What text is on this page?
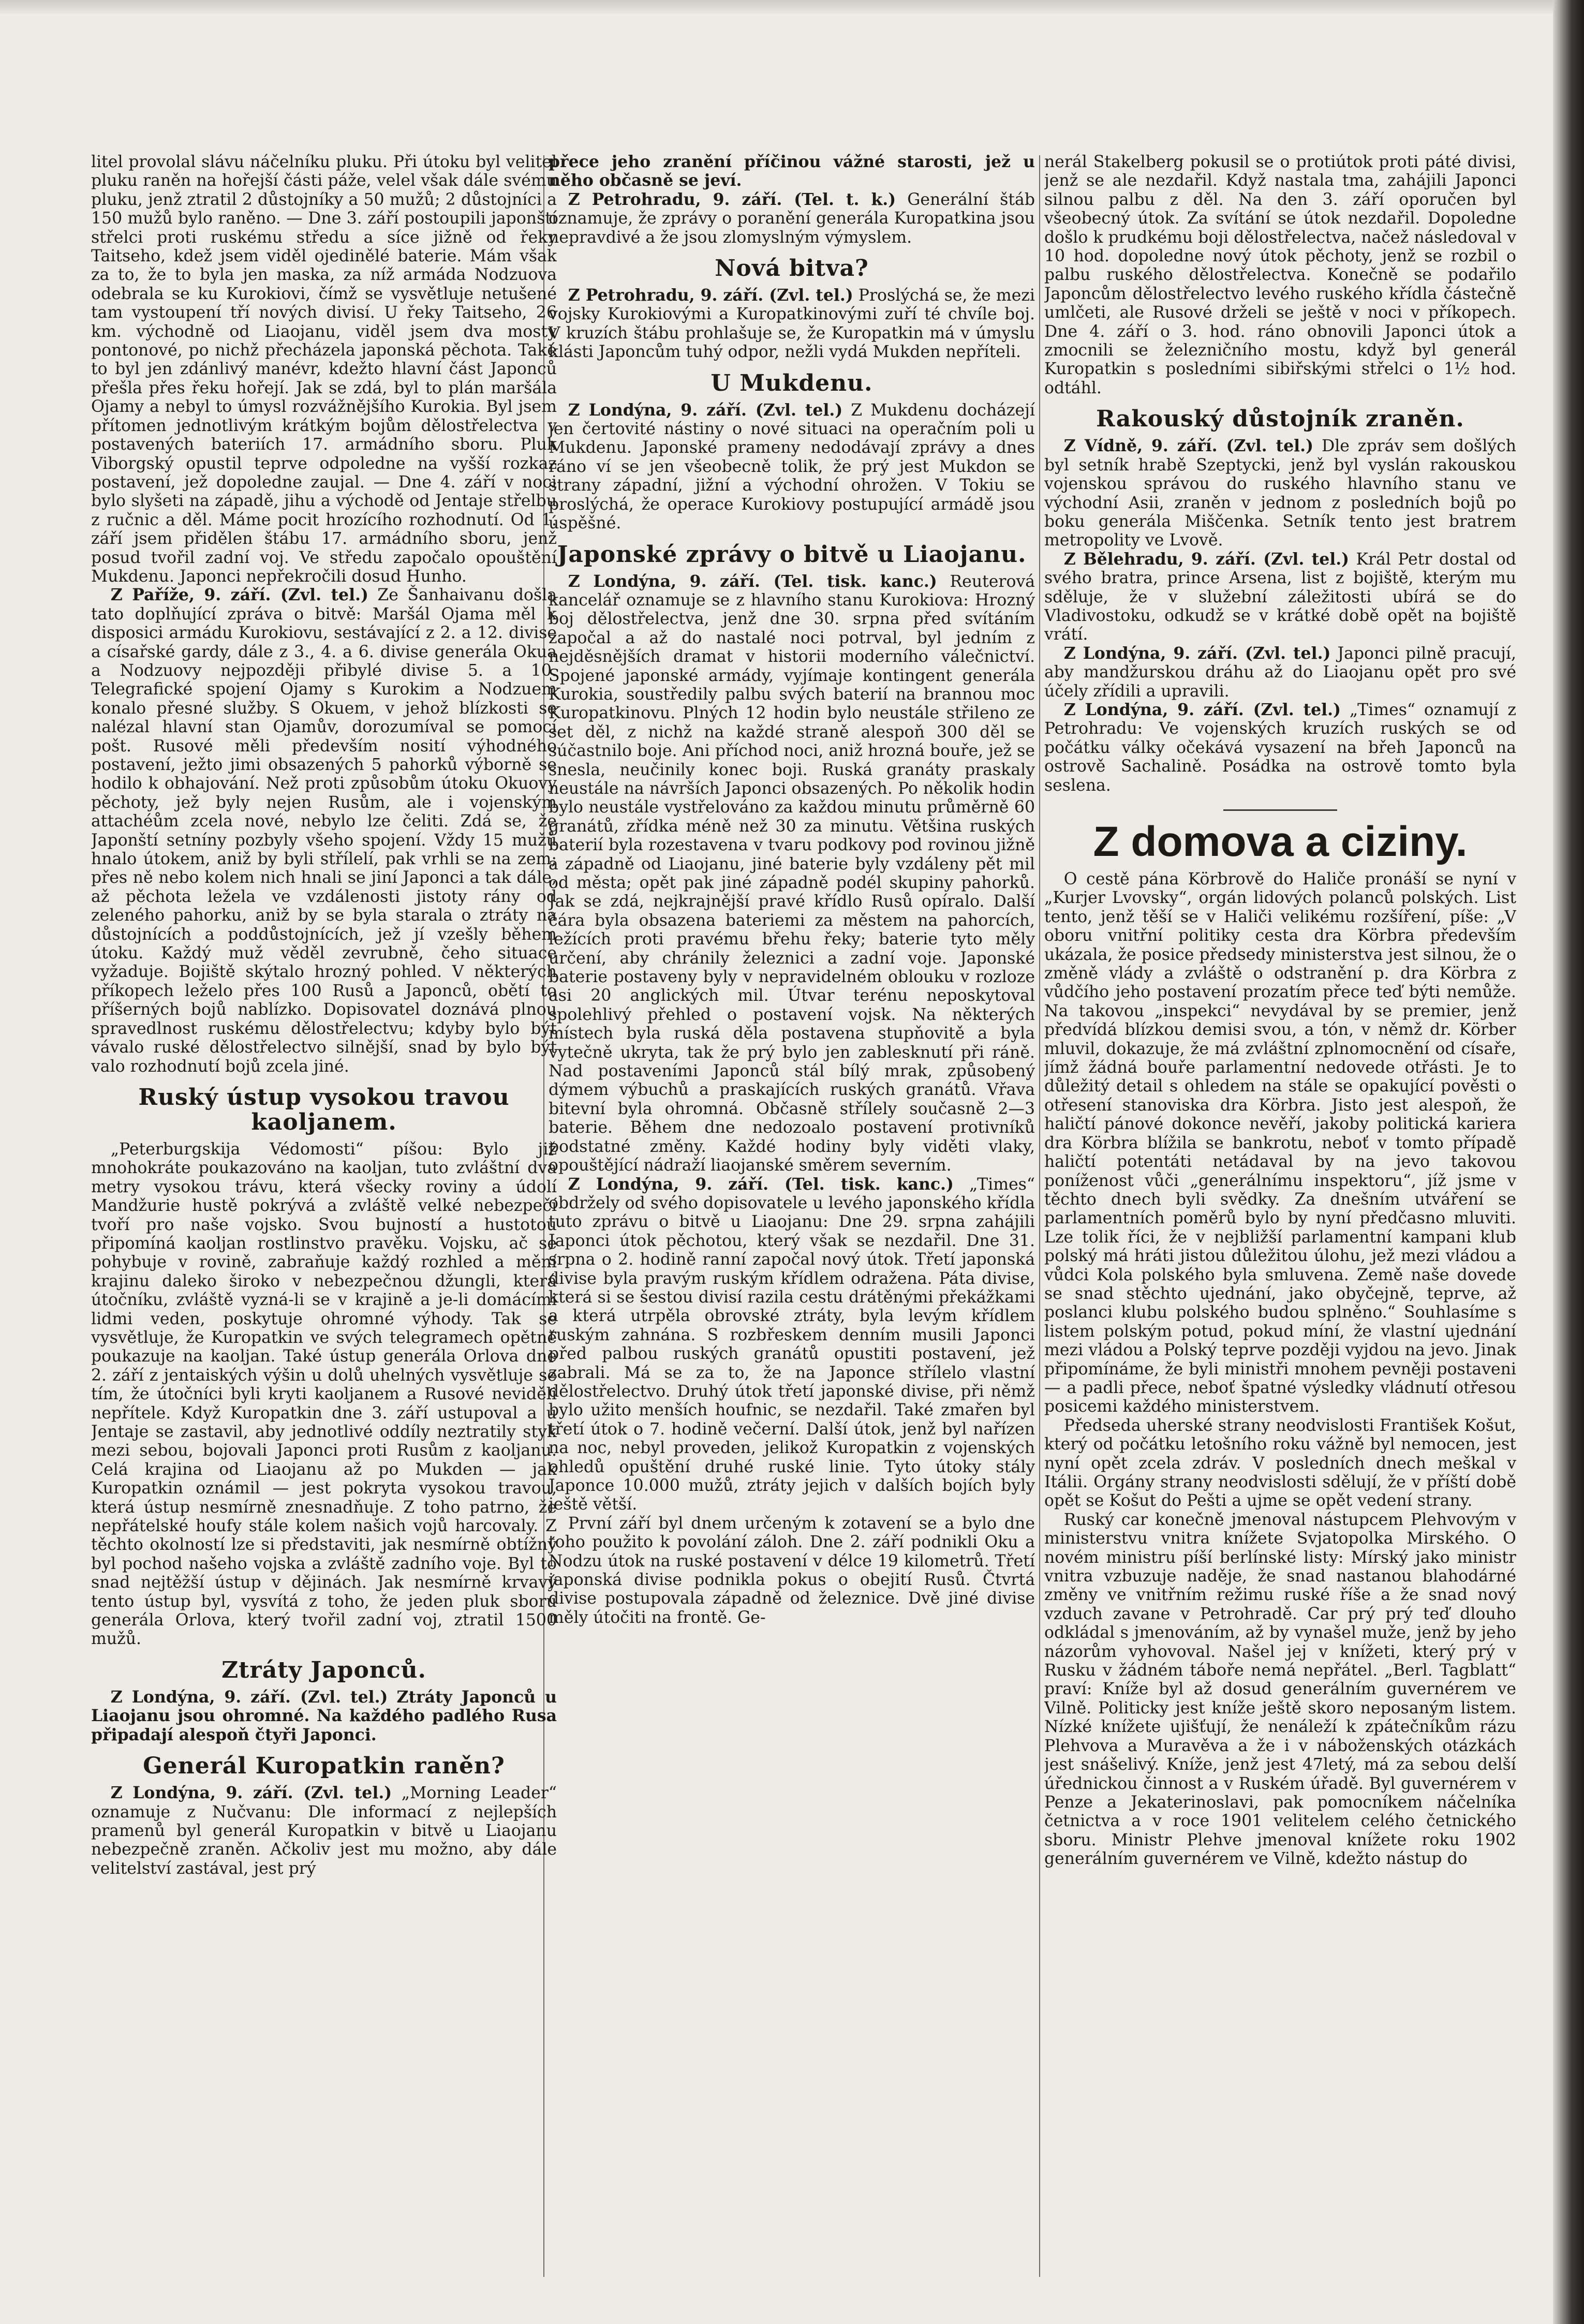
litel provolal slávu náčelníku pluku. Při útoku byl velitel pluku raněn na hořejší části páže, velel však dále svému pluku, jenž ztratil 2 důstojníky a 50 mužů; 2 důstojníci a 150 mužů bylo raněno. — Dne 3. září postoupili japonští střelci proti ruskému středu a síce jižně od řeky Taitseho, kdež jsem viděl ojedinělé baterie. Mám však za to, že to byla jen maska, za níž armáda Nodzuova odebrala se ku Kurokiovi, čímž se vysvětluje netušené tam vystoupení tří nových divisí. U řeky Taitseho, 26 km. východně od Liaojanu, viděl jsem dva mosty pontonové, po nichž přecházela japonská pěchota. Také to byl jen zdánlivý manévr, kdežto hlavní část Japonců přešla přes řeku hořejí. Jak se zdá, byl to plán maršála Ojamy a nebyl to úmysl rozvážnějšího Kurokia. Byl jsem přítomen jednotlivým krátkým bojům dělostřelectva v postavených bateriích 17. armádního sboru. Pluk Viborgský opustil teprve odpoledne na vyšší rozkaz postavení, jež dopoledne zaujal. — Dne 4. září v noci bylo slyšeti na západě, jihu a východě od Jentaje střelbu z ručnic a děl. Máme pocit hrozícího rozhodnutí. Od 1. září jsem přidělen štábu 17. armádního sboru, jenž posud tvořil zadní voj. Ve středu započalo opouštění Mukdenu. Japonci nepřekročili dosud Hunho.

Z Paříže, 9. září. (Zvl. tel.) Ze Šanhaivanu došla tato doplňující zpráva o bitvě: Maršál Ojama měl k disposici armádu Kurokiovu, sestávající z 2. a 12. divise a císařské gardy, dále z 3., 4. a 6. divise generála Okua a Nodzuovy nejpozději přibylé divise 5. a 10. Telegrafické spojení Ojamy s Kurokim a Nodzuem konalo přesné služby. S Okuem, v jehož blízkosti se nalézal hlavní stan Ojamův, dorozumíval se pomocí pošt. Rusové měli především nosití výhodného postavení, ježto jimi obsazených 5 pahorků výborně se hodilo k obhajování. Než proti způsobům útoku Okuovy pěchoty, jež byly nejen Rusům, ale i vojenským attachéům zcela nové, nebylo lze čeliti. Zdá se, že Japonští setníny pozbyly všeho spojení. Vždy 15 mužů hnalo útokem, aniž by byli střílelí, pak vrhli se na zem; přes ně nebo kolem nich hnali se jiní Japonci a tak dále, až pěchota ležela ve vzdálenosti jistoty rány od zeleného pahorku, aniž by se byla starala o ztráty na důstojnících a poddůstojnících, jež jí vzešly během útoku. Každý muž věděl zevrubně, čeho situace vyžaduje. Bojiště skýtalo hrozný pohled. V některých příkopech leželo přes 100 Rusů a Japonců, obětí to příšerných bojů nablízko. Dopisovatel doznává plnou spravedlnost ruskému dělostřelectvu; kdyby bylo být vávalo ruské dělostřelectvo silnější, snad by bylo být valo rozhodnutí bojů zcela jiné.

Ruský ústup vysokou travou kaoljanem.

„Peterburgskija Védomosti“ píšou: Bylo již mnohokráte poukazováno na kaoljan, tuto zvláštní dva metry vysokou trávu, která všecky roviny a údolí Mandžurie hustě pokrývá a zvláště velké nebezpečí tvoří pro naše vojsko. Svou bujností a hustotou připomíná kaoljan rostlinstvo pravěku. Vojsku, ač se pohybuje v rovině, zabraňuje každý rozhled a mění krajinu daleko široko v nebezpečnou džungli, která útočníku, zvláště vyzná-li se v krajině a je-li domácími lidmi veden, poskytuje ohromné výhody. Tak se vysvětluje, že Kuropatkin ve svých telegramech opětně poukazuje na kaoljan. Také ústup generála Orlova dne 2. září z jentaiských výšin u dolů uhelných vysvětluje se tím, že útočníci byli kryti kaoljanem a Rusové neviděli nepřítele. Když Kuropatkin dne 3. září ustupoval a u Jentaje se zastavil, aby jednotlivé oddíly neztratily styk mezi sebou, bojovali Japonci proti Rusům z kaoljanu. Celá krajina od Liaojanu až po Mukden — jak Kuropatkin oznámil — jest pokryta vysokou travou, která ústup nesmírně znesnadňuje. Z toho patrno, že nepřátelské houfy stále kolem našich vojů harcovaly. Z těchto okolností lze si představiti, jak nesmírně obtížný byl pochod našeho vojska a zvláště zadního voje. Byl to snad nejtěžší ústup v dějinách. Jak nesmírně krvavý tento ústup byl, vysvítá z toho, že jeden pluk sboru generála Orlova, který tvořil zadní voj, ztratil 1500 mužů.

Ztráty Japonců.

Z Londýna, 9. září. (Zvl. tel.) Ztráty Japonců u Liaojanu jsou ohromné. Na každého padlého Rusa připadají alespoň čtyři Japonci.

Generál Kuropatkin raněn?

Z Londýna, 9. září. (Zvl. tel.) „Morning Leader“ oznamuje z Nučvanu: Dle informací z nejlepších pramenů byl generál Kuropatkin v bitvě u Liaojanu nebezpečně zraněn. Ačkoliv jest mu možno, aby dále velitelství zastával, jest prý

přece jeho zranění příčinou vážné starosti, jež u něho občasně se jeví.

Z Petrohradu, 9. září. (Tel. t. k.) Generální štáb oznamuje, že zprávy o poranění generála Kuropatkina jsou nepravdivé a že jsou zlomyslným výmyslem.

Nová bitva?

Z Petrohradu, 9. září. (Zvl. tel.) Proslýchá se, že mezi vojsky Kurokiovými a Kuropatkinovými zuří té chvíle boj. V kruzích štábu prohlašuje se, že Kuropatkin má v úmyslu klásti Japoncům tuhý odpor, nežli vydá Mukden nepříteli.

U Mukdenu.

Z Londýna, 9. září. (Zvl. tel.) Z Mukdenu docházejí jen čertovité nástiny o nové situaci na operačním poli u Mukdenu. Japonské prameny nedodávají zprávy a dnes ráno ví se jen všeobecně tolik, že prý jest Mukdon se strany západní, jižní a východní ohrožen. V Tokiu se proslýchá, že operace Kurokiovy postupující armádě jsou úspěšné.

Japonské zprávy o bitvě u Liaojanu.

Z Londýna, 9. září. (Tel. tisk. kanc.) Reuterová kancelář oznamuje se z hlavního stanu Kurokiova: Hrozný boj dělostřelectva, jenž dne 30. srpna před svítáním započal a až do nastalé noci potrval, byl jedním z nejděsnějších dramat v historii moderního válečnictví. Spojené japonské armády, vyjímaje kontingent generála Kurokia, soustředily palbu svých baterií na brannou moc Kuropatkinovu. Plných 12 hodin bylo neustále střileno ze set děl, z nichž na každé straně alespoň 300 děl se súčastnilo boje. Ani příchod noci, aniž hrozná bouře, jež se snesla, neučinily konec boji. Ruská granáty praskaly neustále na návrších Japonci obsazených. Po několik hodin bylo neustále vystřelováno za každou minutu průměrně 60 granátů, zřídka méně než 30 za minutu. Většina ruských baterií byla rozestavena v tvaru podkovy pod rovinou jižně a západně od Liaojanu, jiné baterie byly vzdáleny pět mil od města; opět pak jiné západně podél skupiny pahorků. Jak se zdá, nejkrajnější pravé křídlo Rusů opíralo. Další čára byla obsazena bateriemi za městem na pahorcích, ležících proti pravému břehu řeky; baterie tyto měly určení, aby chránily železnici a zadní voje. Japonské baterie postaveny byly v nepravidelném oblouku v rozloze asi 20 anglických mil. Útvar terénu neposkytoval spolehlivý přehled o postavení vojsk. Na některých místech byla ruská děla postavena stupňovitě a byla vytečně ukryta, tak že prý bylo jen zablesknutí při ráně. Nad postaveními Japonců stál bílý mrak, způsobený dýmem výbuchů a praskajících ruských granátů. Vřava bitevní byla ohromná. Občasně střílely současně 2—3 baterie. Během dne nedozoalo postavení protivníků podstatné změny. Každé hodiny byly viděti vlaky, opouštějící nádraží liaojanské směrem severním.

Z Londýna, 9. září. (Tel. tisk. kanc.) „Times“ obdržely od svého dopisovatele u levého japonského křídla tuto zprávu o bitvě u Liaojanu: Dne 29. srpna zahájili Japonci útok pěchotou, který však se nezdařil. Dne 31. srpna o 2. hodině ranní započal nový útok. Třetí japonská divise byla pravým ruským křídlem odražena. Páta divise, která si se šestou divisí razila cestu drátěnými překážkami a která utrpěla obrovské ztráty, byla levým křídlem ruským zahnána. S rozbřeskem denním musili Japonci před palbou ruských granátů opustiti postavení, jež zabrali. Má se za to, že na Japonce střílelo vlastní dělostřelectvo. Druhý útok třetí japonské divise, při němž bylo užito menších houfnic, se nezdařil. Také zmařen byl třetí útok o 7. hodině večerní. Další útok, jenž byl nařízen na noc, nebyl proveden, jelikož Kuropatkin z vojenských ohledů opuštění druhé ruské linie. Tyto útoky stály Japonce 10.000 mužů, ztráty jejich v dalších bojích byly ještě větší.

První září byl dnem určeným k zotavení se a bylo dne toho použito k povolání záloh. Dne 2. září podnikli Oku a Nodzu útok na ruské postavení v délce 19 kilometrů. Třetí japonská divise podnikla pokus o obejití Rusů. Čtvrtá divise postupovala západně od železnice. Dvě jiné divise měly útočiti na frontě. Ge-

nerál Stakelberg pokusil se o protiútok proti páté divisi, jenž se ale nezdařil. Když nastala tma, zahájili Japonci silnou palbu z děl. Na den 3. září oporučen byl všeobecný útok. Za svítání se útok nezdařil. Dopoledne došlo k prudkému boji dělostřelectva, načež následoval v 10 hod. dopoledne nový útok pěchoty, jenž se rozbil o palbu ruského dělostřelectva. Konečně se podařilo Japoncům dělostřelectvo levého ruského křídla částečně umlčeti, ale Rusové drželi se ještě v noci v příkopech. Dne 4. září o 3. hod. ráno obnovili Japonci útok a zmocnili se železničního mostu, když byl generál Kuropatkin s posledními sibiřskými střelci o 1½ hod. odtáhl.

Rakouský důstojník zraněn.

Z Vídně, 9. září. (Zvl. tel.) Dle zpráv sem došlých byl setník hrabě Szeptycki, jenž byl vyslán rakouskou vojenskou správou do ruského hlavního stanu ve východní Asii, zraněn v jednom z posledních bojů po boku generála Miščenka. Setník tento jest bratrem metropolity ve Lvově.

Z Bělehradu, 9. září. (Zvl. tel.) Král Petr dostal od svého bratra, prince Arsena, list z bojiště, kterým mu sděluje, že v služební záležitosti ubírá se do Vladivostoku, odkudž se v krátké době opět na bojiště vrátí.

Z Londýna, 9. září. (Zvl. tel.) Japonci pilně pracují, aby mandžurskou dráhu až do Liaojanu opět pro své účely zřídili a upravili.

Z Londýna, 9. září. (Zvl. tel.) „Times“ oznamují z Petrohradu: Ve vojenských kruzích ruských se od počátku války očekává vysazení na břeh Japonců na ostrově Sachalině. Posádka na ostrově tomto byla seslena.

Z domova a ciziny.

O cestě pána Körbrově do Haliče pronáší se nyní v „Kurjer Lvovsky“, orgán lidových polanců polských. List tento, jenž těší se v Haliči velikému rozšíření, píše: „V oboru vnitřní politiky cesta dra Körbra především ukázala, že posice předsedy ministerstva jest silnou, že o změně vlády a zvláště o odstranění p. dra Körbra z vůdčího jeho postavení prozatím přece teď býti nemůže. Na takovou „inspekci“ nevydával by se premier, jenž předvídá blízkou demisi svou, a tón, v němž dr. Körber mluvil, dokazuje, že má zvláštní zplnomocnění od císaře, jímž žádná bouře parlamentní nedovede otřásti. Je to důležitý detail s ohledem na stále se opakující pověsti o otřesení stanoviska dra Körbra. Jisto jest alespoň, že haličtí pánové dokonce nevěří, jakoby politická kariera dra Körbra blížila se bankrotu, neboť v tomto případě haličtí potentáti netádaval by na jevo takovou poníženost vůči „generálnímu inspektoru“, jíž jsme v těchto dnech byli svědky. Za dnešním utváření se parlamentních poměrů bylo by nyní předčasno mluviti. Lze tolik říci, že v nejbližší parlamentní kampani klub polský má hráti jistou důležitou úlohu, jež mezi vládou a vůdci Kola polského byla smluvena. Země naše dovede se snad stěchto ujednání, jako obyčejně, teprve, až poslanci klubu polského budou splněno.“ Souhlasíme s listem polským potud, pokud míní, že vlastní ujednání mezi vládou a Polský teprve později vyjdou na jevo. Jinak připomínáme, že byli ministři mnohem pevněji postaveni — a padli přece, neboť špatné výsledky vládnutí otřesou posicemi každého ministerstvem.

Předseda uherské strany neodvislosti František Košut, který od počátku letošního roku vážně byl nemocen, jest nyní opět zcela zdráv. V posledních dnech meškal v Itálii. Orgány strany neodvislosti sdělují, že v příští době opět se Košut do Pešti a ujme se opět vedení strany.

Ruský car konečně jmenoval nástupcem Plehvovým v ministerstvu vnitra knížete Svjatopolka Mirského. O novém ministru píší berlínské listy: Mírský jako ministr vnitra vzbuzuje naděje, že snad nastanou blahodárné změny ve vnitřním režimu ruské říše a že snad nový vzduch zavane v Petrohradě. Car prý prý teď dlouho odkládal s jmenováním, až by vynašel muže, jenž by jeho názorům vyhovoval. Našel jej v knížeti, který prý v Rusku v žádném táboře nemá nepřátel. „Berl. Tagblatt“ praví: Kníže byl až dosud generálním guvernérem ve Vilně. Politicky jest kníže ještě skoro neposaným listem. Nízké knížete ujišťují, že nenáleží k zpátečníkům rázu Plehvova a Muravěva a že i v náboženských otázkách jest snášelivý. Kníže, jenž jest 47letý, má za sebou delší úřednickou činnost a v Ruském úřadě. Byl guvernérem v Penze a Jekaterinoslavi, pak pomocníkem náčelníka četnictva a v roce 1901 velitelem celého četnického sboru. Ministr Plehve jmenoval knížete roku 1902 generálním guvernérem ve Vilně, kdežto nástup do
